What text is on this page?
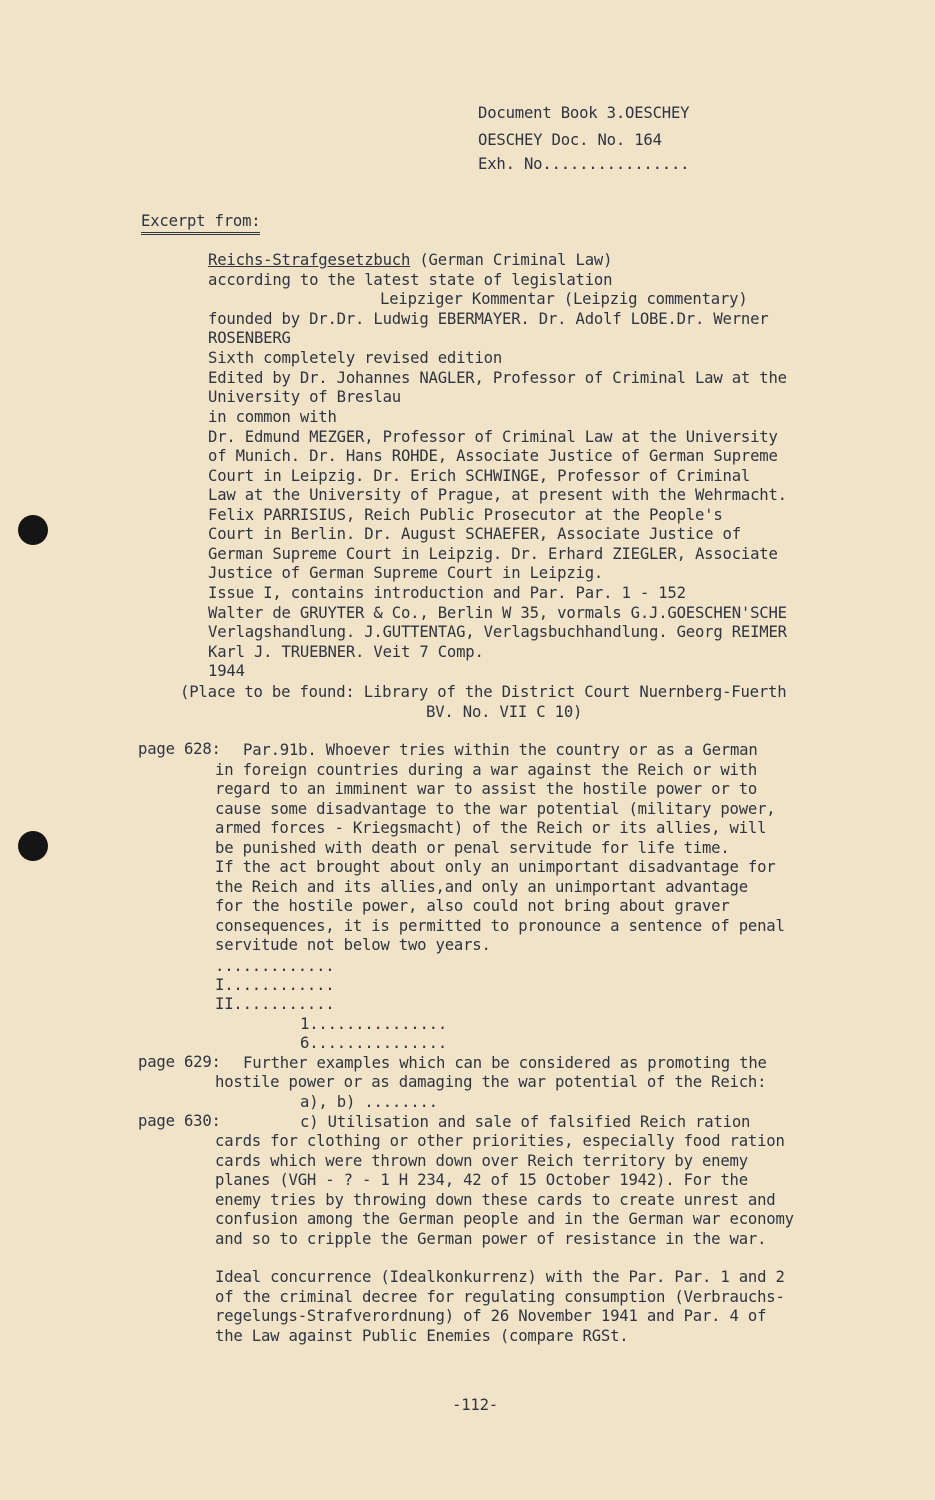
Document Book 3.OESCHEY
OESCHEY Doc. No. 164
Exh. No................
Excerpt from:
Reichs-Strafgesetzbuch (German Criminal Law)
according to the latest state of legislation
Leipziger Kommentar (Leipzig commentary)
founded by Dr.Dr. Ludwig EBERMAYER. Dr. Adolf LOBE.Dr. Werner
ROSENBERG
Sixth completely revised edition
Edited by Dr. Johannes NAGLER, Professor of Criminal Law at the
University of Breslau
in common with
Dr. Edmund MEZGER, Professor of Criminal Law at the University
of Munich. Dr. Hans ROHDE, Associate Justice of German Supreme
Court in Leipzig. Dr. Erich SCHWINGE, Professor of Criminal
Law at the University of Prague, at present with the Wehrmacht.
Felix PARRISIUS, Reich Public Prosecutor at the People's
Court in Berlin. Dr. August SCHAEFER, Associate Justice of
German Supreme Court in Leipzig. Dr. Erhard ZIEGLER, Associate
Justice of German Supreme Court in Leipzig.
Issue I, contains introduction and Par. Par. 1 - 152
Walter de GRUYTER & Co., Berlin W 35, vormals G.J.GOESCHEN'SCHE
Verlagshandlung. J.GUTTENTAG, Verlagsbuchhandlung. Georg REIMER
Karl J. TRUEBNER. Veit 7 Comp.
1944
(Place to be found: Library of the District Court Nuernberg-Fuerth
BV. No. VII C 10)
page 628: Par.91b. Whoever tries within the country or as a German
in foreign countries during a war against the Reich or with
regard to an imminent war to assist the hostile power or to
cause some disadvantage to the war potential (military power,
armed forces - Kriegsmacht) of the Reich or its allies, will
be punished with death or penal servitude for life time.
If the act brought about only an unimportant disadvantage for
the Reich and its allies,and only an unimportant advantage
for the hostile power, also could not bring about graver
consequences, it is permitted to pronounce a sentence of penal
servitude not below two years.
.............
I............
II...........
1...............
6...............
page 629: Further examples which can be considered as promoting the
hostile power or as damaging the war potential of the Reich:
a), b) ........
page 630:	c) Utilisation and sale of falsified Reich ration
cards for clothing or other priorities, especially food ration
cards which were thrown down over Reich territory by enemy
planes (VGH - ? - 1 H 234, 42 of 15 October 1942). For the
enemy tries by throwing down these cards to create unrest and
confusion among the German people and in the German war economy
and so to cripple the German power of resistance in the war.
Ideal concurrence (Idealkonkurrenz) with the Par. Par. 1 and 2
of the criminal decree for regulating consumption (Verbrauchs-
regelungs-Strafverordnung) of 26 November 1941 and Par. 4 of
the Law against Public Enemies (compare RGSt.
-112-
